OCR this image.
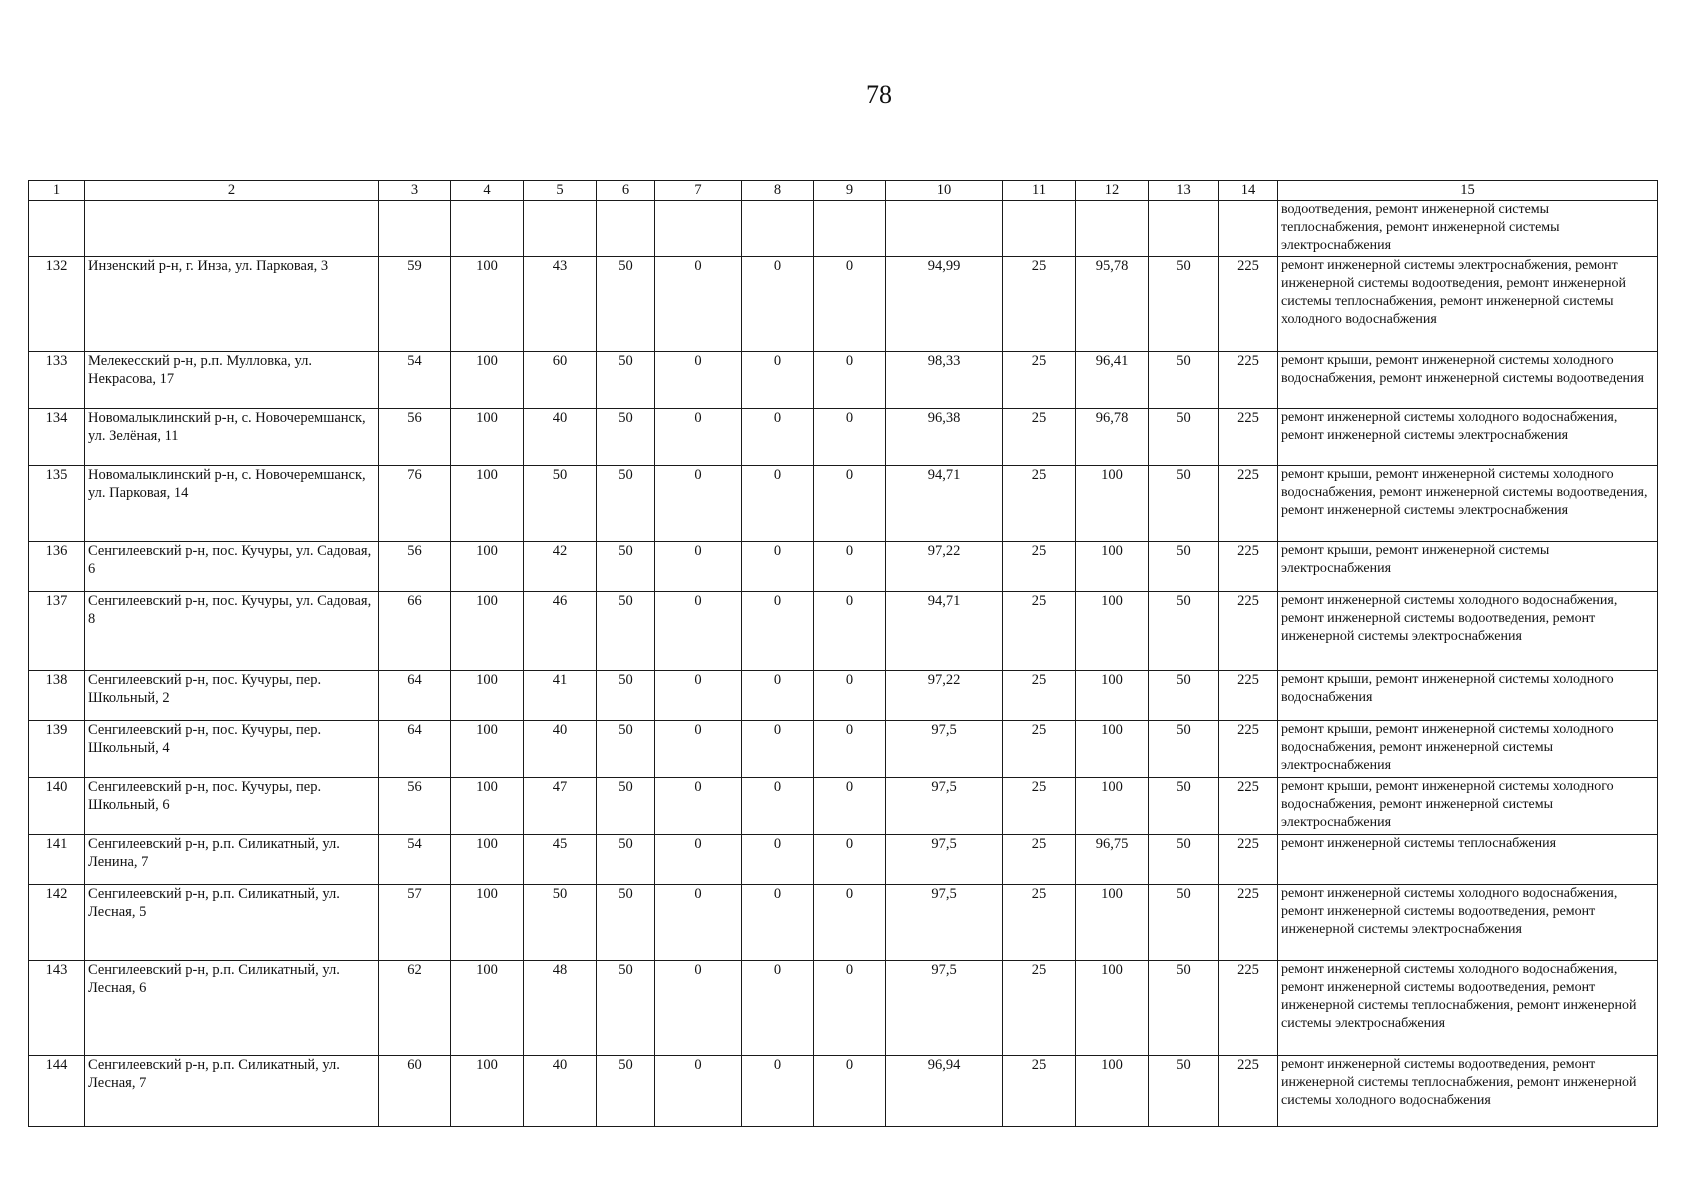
78
1	2	3	4	5	6	7	8	9	10	11	12	13	14	15
														водоотведения, ремонт инженерной системы теплоснабжения, ремонт инженерной системы электроснабжения
132	Инзенский р-н, г. Инза, ул. Парковая, 3	59	100	43	50	0	0	0	94,99	25	95,78	50	225	ремонт инженерной системы электроснабжения, ремонт инженерной системы водоотведения, ремонт инженерной системы теплоснабжения, ремонт инженерной системы холодного водоснабжения
133	Мелекесский р-н, р.п. Мулловка, ул. Некрасова, 17	54	100	60	50	0	0	0	98,33	25	96,41	50	225	ремонт крыши, ремонт инженерной системы холодного водоснабжения, ремонт инженерной системы водоотведения
134	Новомалыклинский р-н, с. Новочеремшанск, ул. Зелёная, 11	56	100	40	50	0	0	0	96,38	25	96,78	50	225	ремонт инженерной системы холодного водоснабжения, ремонт инженерной системы электроснабжения
135	Новомалыклинский р-н, с. Новочеремшанск, ул. Парковая, 14	76	100	50	50	0	0	0	94,71	25	100	50	225	ремонт крыши, ремонт инженерной системы холодного водоснабжения, ремонт инженерной системы водоотведения, ремонт инженерной системы электроснабжения
136	Сенгилеевский р-н, пос. Кучуры, ул. Садовая, 6	56	100	42	50	0	0	0	97,22	25	100	50	225	ремонт крыши, ремонт инженерной системы электроснабжения
137	Сенгилеевский р-н, пос. Кучуры, ул. Садовая, 8	66	100	46	50	0	0	0	94,71	25	100	50	225	ремонт инженерной системы холодного водоснабжения, ремонт инженерной системы водоотведения, ремонт инженерной системы электроснабжения
138	Сенгилеевский р-н, пос. Кучуры, пер. Школьный, 2	64	100	41	50	0	0	0	97,22	25	100	50	225	ремонт крыши, ремонт инженерной системы холодного водоснабжения
139	Сенгилеевский р-н, пос. Кучуры, пер. Школьный, 4	64	100	40	50	0	0	0	97,5	25	100	50	225	ремонт крыши, ремонт инженерной системы холодного водоснабжения, ремонт инженерной системы электроснабжения
140	Сенгилеевский р-н, пос. Кучуры, пер. Школьный, 6	56	100	47	50	0	0	0	97,5	25	100	50	225	ремонт крыши, ремонт инженерной системы холодного водоснабжения, ремонт инженерной системы электроснабжения
141	Сенгилеевский р-н, р.п. Силикатный, ул. Ленина, 7	54	100	45	50	0	0	0	97,5	25	96,75	50	225	ремонт инженерной системы теплоснабжения
142	Сенгилеевский р-н, р.п. Силикатный, ул. Лесная, 5	57	100	50	50	0	0	0	97,5	25	100	50	225	ремонт инженерной системы холодного водоснабжения, ремонт инженерной системы водоотведения, ремонт инженерной системы электроснабжения
143	Сенгилеевский р-н, р.п. Силикатный, ул. Лесная, 6	62	100	48	50	0	0	0	97,5	25	100	50	225	ремонт инженерной системы холодного водоснабжения, ремонт инженерной системы водоотведения, ремонт инженерной системы теплоснабжения, ремонт инженерной системы электроснабжения
144	Сенгилеевский р-н, р.п. Силикатный, ул. Лесная, 7	60	100	40	50	0	0	0	96,94	25	100	50	225	ремонт инженерной системы водоотведения, ремонт инженерной системы теплоснабжения, ремонт инженерной системы холодного водоснабжения
